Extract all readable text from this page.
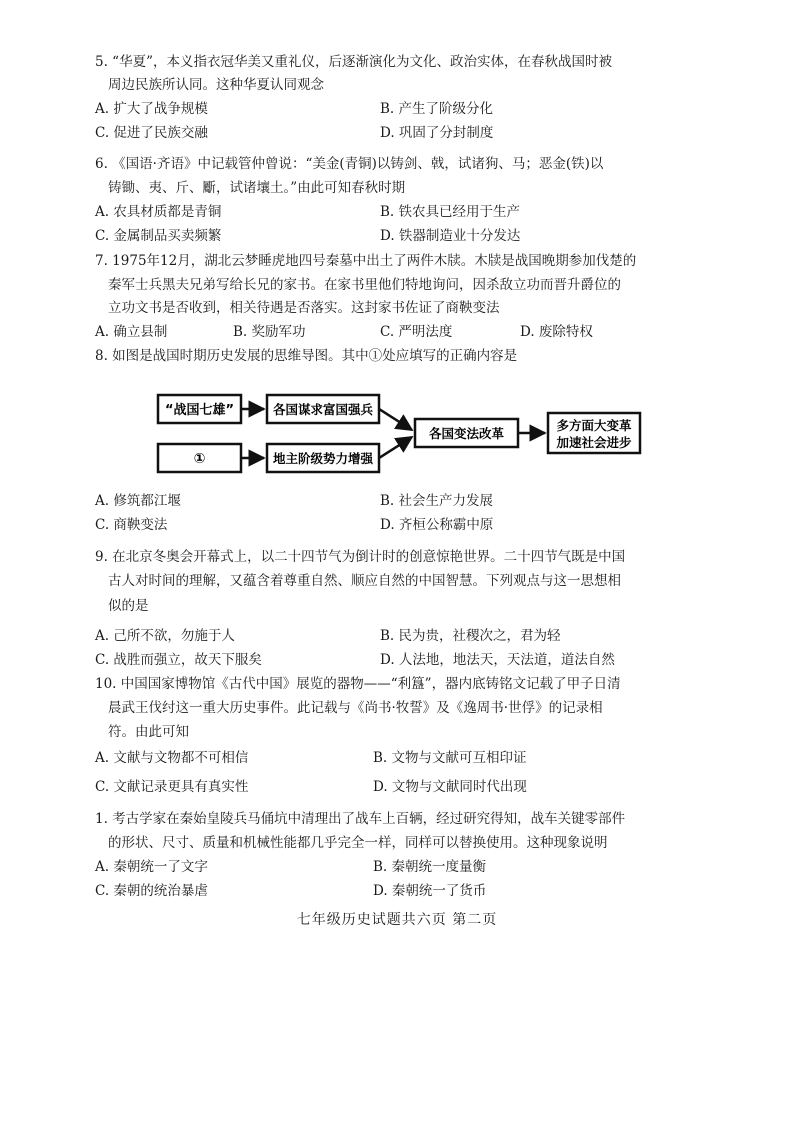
5. “华夏”，本义指衣冠华美又重礼仪，后逐渐演化为文化、政治实体，在春秋战国时被
周边民族所认同。这种华夏认同观念
A. 扩大了战争规模	B. 产生了阶级分化
C. 促进了民族交融	D. 巩固了分封制度
6. 《国语·齐语》中记载管仲曾说：“美金(青铜)以铸剑、戟，试诸狗、马；恶金(铁)以
铸锄、夷、斤、斸，试诸壤土。”由此可知春秋时期
A. 农具材质都是青铜	B. 铁农具已经用于生产
C. 金属制品买卖频繁	D. 铁器制造业十分发达
7. 1975年12月，湖北云梦睡虎地四号秦墓中出土了两件木牍。木牍是战国晚期参加伐楚的
秦军士兵黑夫兄弟写给长兄的家书。在家书里他们特地询问，因杀敌立功而晋升爵位的
立功文书是否收到，相关待遇是否落实。这封家书佐证了商鞅变法
A. 确立县制	B. 奖励军功	C. 严明法度	D. 废除特权
8. 如图是战国时期历史发展的思维导图。其中①处应填写的正确内容是
“战国七雄”	各国谋求富国强兵
①	地主阶级势力增强
各国变法改革
多方面大变革
加速社会进步
A. 修筑都江堰	B. 社会生产力发展
C. 商鞅变法	D. 齐桓公称霸中原
9. 在北京冬奥会开幕式上，以二十四节气为倒计时的创意惊艳世界。二十四节气既是中国
古人对时间的理解，又蕴含着尊重自然、顺应自然的中国智慧。下列观点与这一思想相
似的是
A. 己所不欲，勿施于人	B. 民为贵，社稷次之，君为轻
C. 战胜而强立，故天下服矣	D. 人法地，地法天，天法道，道法自然
10. 中国国家博物馆《古代中国》展览的器物——“利簋”，器内底铸铭文记载了甲子日清
晨武王伐纣这一重大历史事件。此记载与《尚书·牧誓》及《逸周书·世俘》的记录相
符。由此可知
A. 文献与文物都不可相信	B. 文物与文献可互相印证
C. 文献记录更具有真实性	D. 文物与文献同时代出现
1. 考古学家在秦始皇陵兵马俑坑中清理出了战车上百辆，经过研究得知，战车关键零部件
的形状、尺寸、质量和机械性能都几乎完全一样，同样可以替换使用。这种现象说明
A. 秦朝统一了文字	B. 秦朝统一度量衡
C. 秦朝的统治暴虐	D. 秦朝统一了货币
七年级历史试题共六页 第二页
